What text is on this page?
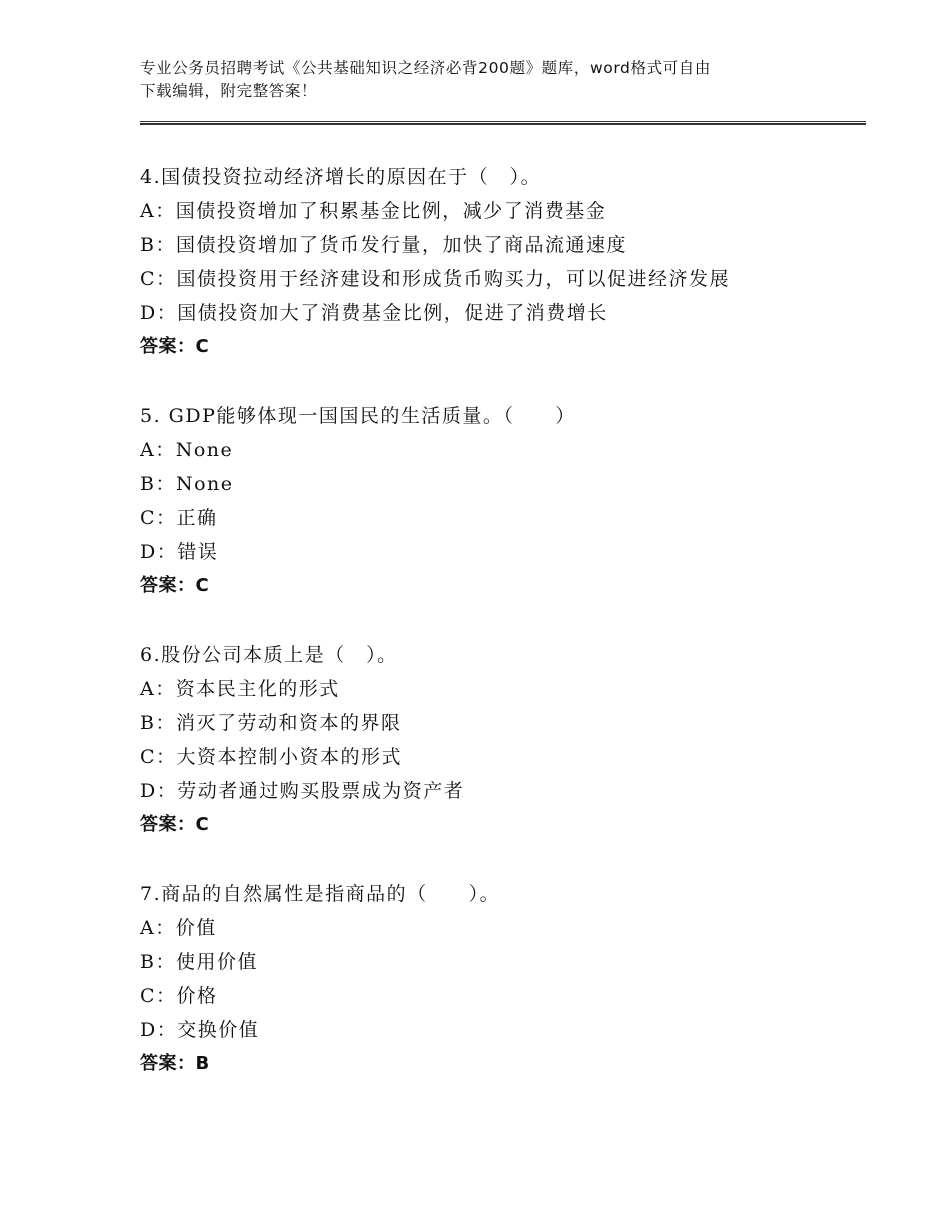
专业公务员招聘考试《公共基础知识之经济必背200题》题库，word格式可自由
下载编辑，附完整答案！
4.国债投资拉动经济增长的原因在于（　）。
A：国债投资增加了积累基金比例，减少了消费基金
B：国债投资增加了货币发行量，加快了商品流通速度
C：国债投资用于经济建设和形成货币购买力，可以促进经济发展
D：国债投资加大了消费基金比例，促进了消费增长
答案：C
5. GDP能够体现一国国民的生活质量。（　　）
A：None
B：None
C：正确
D：错误
答案：C
6.股份公司本质上是（　）。
A：资本民主化的形式
B：消灭了劳动和资本的界限
C：大资本控制小资本的形式
D：劳动者通过购买股票成为资产者
答案：C
7.商品的自然属性是指商品的（　　）。
A：价值
B：使用价值
C：价格
D：交换价值
答案：B
